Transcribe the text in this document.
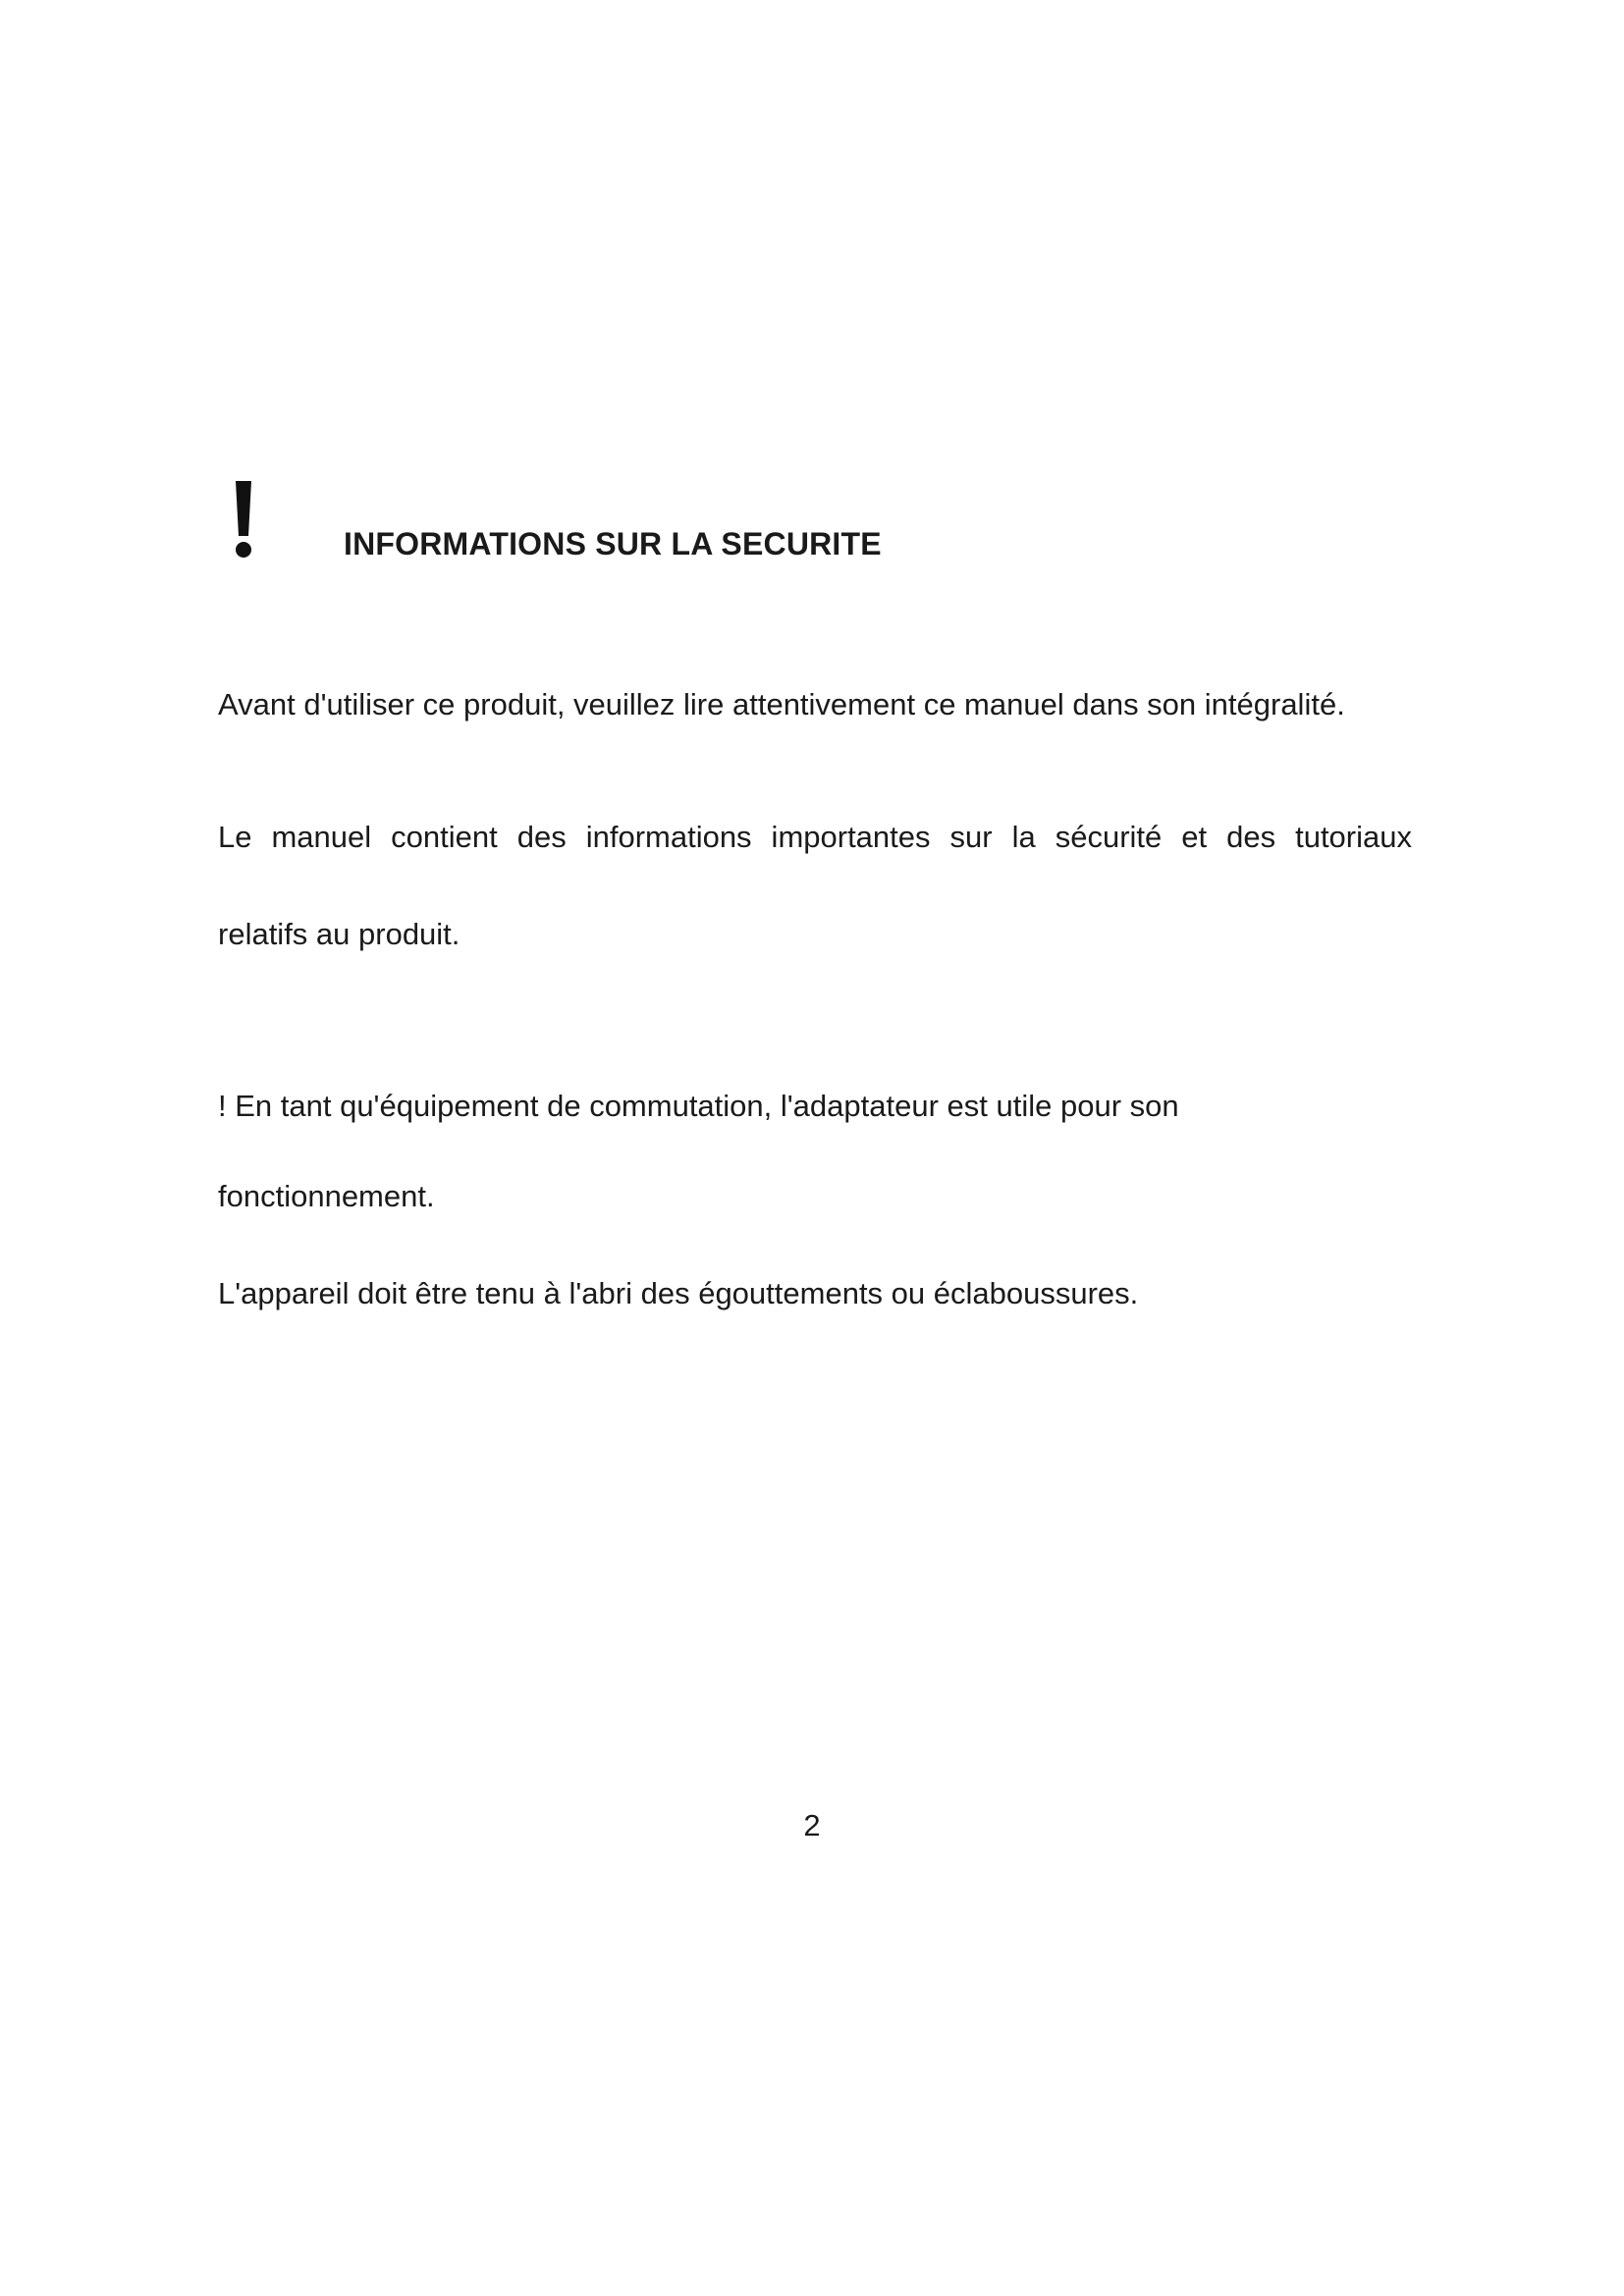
INFORMATIONS SUR LA SECURITE
Avant d'utiliser ce produit, veuillez lire attentivement ce manuel dans son intégralité.
Le manuel contient des informations importantes sur la sécurité et des tutoriaux
relatifs au produit.
! En tant qu'équipement de commutation, l'adaptateur est utile pour son
fonctionnement.
L'appareil doit être tenu à l'abri des égouttements ou éclaboussures.
2
